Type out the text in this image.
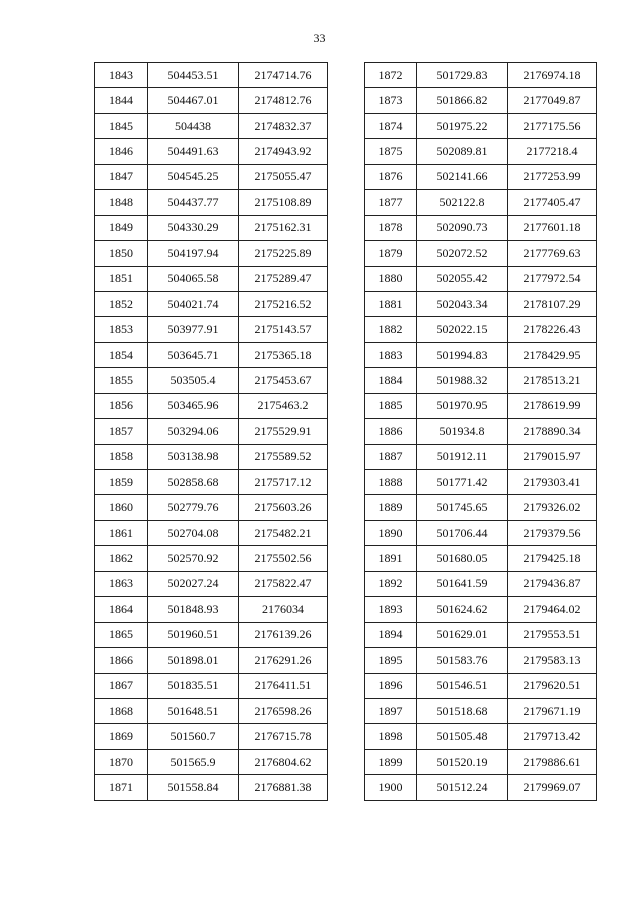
33
1843	504453.51	2174714.76
1844	504467.01	2174812.76
1845	504438	2174832.37
1846	504491.63	2174943.92
1847	504545.25	2175055.47
1848	504437.77	2175108.89
1849	504330.29	2175162.31
1850	504197.94	2175225.89
1851	504065.58	2175289.47
1852	504021.74	2175216.52
1853	503977.91	2175143.57
1854	503645.71	2175365.18
1855	503505.4	2175453.67
1856	503465.96	2175463.2
1857	503294.06	2175529.91
1858	503138.98	2175589.52
1859	502858.68	2175717.12
1860	502779.76	2175603.26
1861	502704.08	2175482.21
1862	502570.92	2175502.56
1863	502027.24	2175822.47
1864	501848.93	2176034
1865	501960.51	2176139.26
1866	501898.01	2176291.26
1867	501835.51	2176411.51
1868	501648.51	2176598.26
1869	501560.7	2176715.78
1870	501565.9	2176804.62
1871	501558.84	2176881.38
1872	501729.83	2176974.18
1873	501866.82	2177049.87
1874	501975.22	2177175.56
1875	502089.81	2177218.4
1876	502141.66	2177253.99
1877	502122.8	2177405.47
1878	502090.73	2177601.18
1879	502072.52	2177769.63
1880	502055.42	2177972.54
1881	502043.34	2178107.29
1882	502022.15	2178226.43
1883	501994.83	2178429.95
1884	501988.32	2178513.21
1885	501970.95	2178619.99
1886	501934.8	2178890.34
1887	501912.11	2179015.97
1888	501771.42	2179303.41
1889	501745.65	2179326.02
1890	501706.44	2179379.56
1891	501680.05	2179425.18
1892	501641.59	2179436.87
1893	501624.62	2179464.02
1894	501629.01	2179553.51
1895	501583.76	2179583.13
1896	501546.51	2179620.51
1897	501518.68	2179671.19
1898	501505.48	2179713.42
1899	501520.19	2179886.61
1900	501512.24	2179969.07
